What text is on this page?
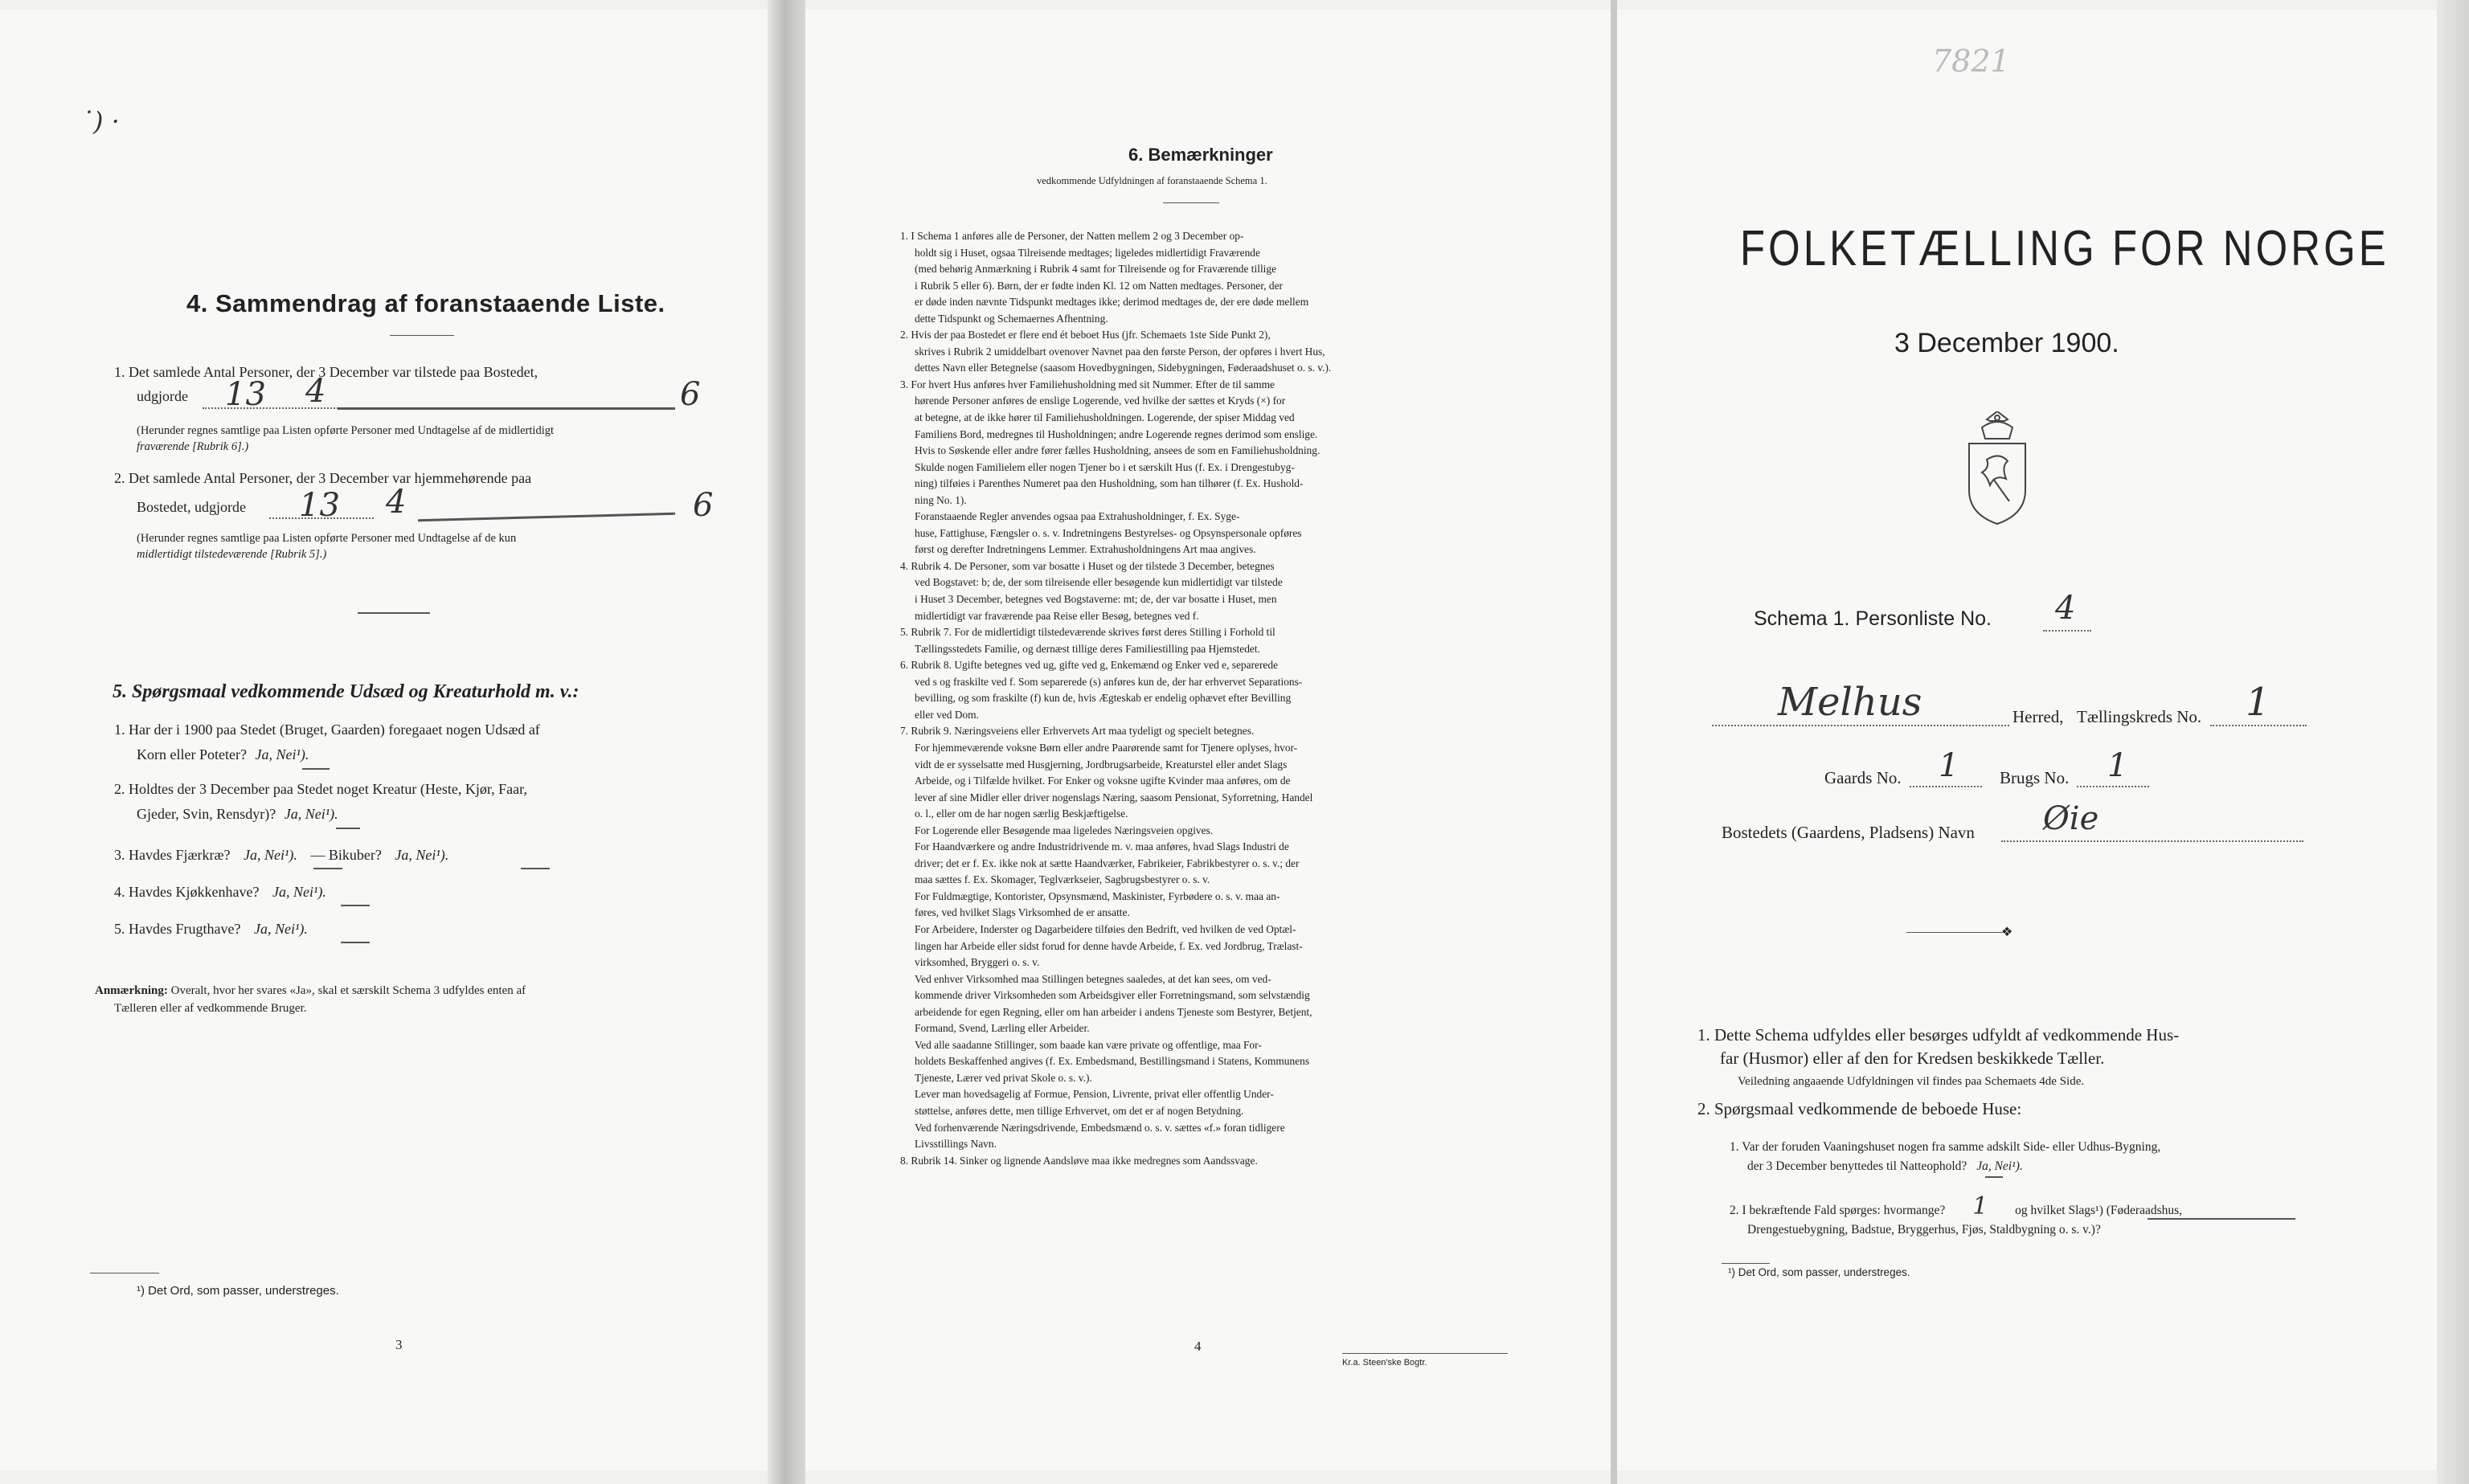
˙) ·
4. Sammendrag af foranstaaende Liste.
1. Det samlede Antal Personer, der 3 December var tilstede paa Bostedet,
udgjorde 13 4	6
(Herunder regnes samtlige paa Listen opførte Personer med Undtagelse af de midlertidigt
fraværende [Rubrik 6].)
2. Det samlede Antal Personer, der 3 December var hjemmehørende paa
Bostedet, udgjorde 13 4	6
(Herunder regnes samtlige paa Listen opførte Personer med Undtagelse af de kun
midlertidigt tilstedeværende [Rubrik 5].)
5. Spørgsmaal vedkommende Udsæd og Kreaturhold m. v.:
1. Har der i 1900 paa Stedet (Bruget, Gaarden) foregaaet nogen Udsæd af
Korn eller Poteter? Ja, Nei¹).
2. Holdtes der 3 December paa Stedet noget Kreatur (Heste, Kjør, Faar,
Gjeder, Svin, Rensdyr)? Ja, Nei¹).
3. Havdes Fjærkræ? Ja, Nei¹). — Bikuber? Ja, Nei¹).
4. Havdes Kjøkkenhave? Ja, Nei¹).
5. Havdes Frugthave? Ja, Nei¹).
Anmærkning: Overalt, hvor her svares «Ja», skal et særskilt Schema 3 udfyldes enten af
Tælleren eller af vedkommende Bruger.
¹) Det Ord, som passer, understreges.
3
6. Bemærkninger
vedkommende Udfyldningen af foranstaaende Schema 1.

1. I Schema 1 anføres alle de Personer, der Natten mellem 2 og 3 December op-

holdt sig i Huset, ogsaa Tilreisende medtages; ligeledes midlertidigt Fraværende

(med behørig Anmærkning i Rubrik 4 samt for Tilreisende og for Fraværende tillige

i Rubrik 5 eller 6). Børn, der er fødte inden Kl. 12 om Natten medtages. Personer, der

er døde inden nævnte Tidspunkt medtages ikke; derimod medtages de, der ere døde mellem

dette Tidspunkt og Schemaernes Afhentning.

2. Hvis der paa Bostedet er flere end ét beboet Hus (jfr. Schemaets 1ste Side Punkt 2),

skrives i Rubrik 2 umiddelbart ovenover Navnet paa den første Person, der opføres i hvert Hus,

dettes Navn eller Betegnelse (saasom Hovedbygningen, Sidebygningen, Føderaadshuset o. s. v.).

3. For hvert Hus anføres hver Familiehusholdning med sit Nummer. Efter de til samme

hørende Personer anføres de enslige Logerende, ved hvilke der sættes et Kryds (×) for

at betegne, at de ikke hører til Familiehusholdningen. Logerende, der spiser Middag ved

Familiens Bord, medregnes til Husholdningen; andre Logerende regnes derimod som enslige.

Hvis to Søskende eller andre fører fælles Husholdning, ansees de som en Familiehusholdning.

Skulde nogen Familielem eller nogen Tjener bo i et særskilt Hus (f. Ex. i Drengestubyg-

ning) tilføies i Parenthes Numeret paa den Husholdning, som han tilhører (f. Ex. Hushold-

ning No. 1).

Foranstaaende Regler anvendes ogsaa paa Extrahusholdninger, f. Ex. Syge-

huse, Fattighuse, Fængsler o. s. v. Indretningens Bestyrelses- og Opsynspersonale opføres

først og derefter Indretningens Lemmer. Extrahusholdningens Art maa angives.

4. Rubrik 4. De Personer, som var bosatte i Huset og der tilstede 3 December, betegnes

ved Bogstavet: b; de, der som tilreisende eller besøgende kun midlertidigt var tilstede

i Huset 3 December, betegnes ved Bogstaverne: mt; de, der var bosatte i Huset, men

midlertidigt var fraværende paa Reise eller Besøg, betegnes ved f.

5. Rubrik 7. For de midlertidigt tilstedeværende skrives først deres Stilling i Forhold til

Tællingsstedets Familie, og dernæst tillige deres Familiestilling paa Hjemstedet.

6. Rubrik 8. Ugifte betegnes ved ug, gifte ved g, Enkemænd og Enker ved e, separerede

ved s og fraskilte ved f. Som separerede (s) anføres kun de, der har erhvervet Separations-

bevilling, og som fraskilte (f) kun de, hvis Ægteskab er endelig ophævet efter Bevilling

eller ved Dom.

7. Rubrik 9. Næringsveiens eller Erhvervets Art maa tydeligt og specielt betegnes.

For hjemmeværende voksne Børn eller andre Paarørende samt for Tjenere oplyses, hvor-

vidt de er sysselsatte med Husgjerning, Jordbrugsarbeide, Kreaturstel eller andet Slags

Arbeide, og i Tilfælde hvilket. For Enker og voksne ugifte Kvinder maa anføres, om de

lever af sine Midler eller driver nogenslags Næring, saasom Pensionat, Syforretning, Handel

o. l., eller om de har nogen særlig Beskjæftigelse.

For Logerende eller Besøgende maa ligeledes Næringsveien opgives.

For Haandværkere og andre Industridrivende m. v. maa anføres, hvad Slags Industri de

driver; det er f. Ex. ikke nok at sætte Haandværker, Fabrikeier, Fabrikbestyrer o. s. v.; der

maa sættes f. Ex. Skomager, Teglværkseier, Sagbrugsbestyrer o. s. v.

For Fuldmægtige, Kontorister, Opsynsmænd, Maskinister, Fyrbødere o. s. v. maa an-

føres, ved hvilket Slags Virksomhed de er ansatte.

For Arbeidere, Inderster og Dagarbeidere tilføies den Bedrift, ved hvilken de ved Optæl-

lingen har Arbeide eller sidst forud for denne havde Arbeide, f. Ex. ved Jordbrug, Trælast-

virksomhed, Bryggeri o. s. v.

Ved enhver Virksomhed maa Stillingen betegnes saaledes, at det kan sees, om ved-

kommende driver Virksomheden som Arbeidsgiver eller Forretningsmand, som selvstændig

arbeidende for egen Regning, eller om han arbeider i andens Tjeneste som Bestyrer, Betjent,

Formand, Svend, Lærling eller Arbeider.

Ved alle saadanne Stillinger, som baade kan være private og offentlige, maa For-

holdets Beskaffenhed angives (f. Ex. Embedsmand, Bestillingsmand i Statens, Kommunens

Tjeneste, Lærer ved privat Skole o. s. v.).

Lever man hovedsagelig af Formue, Pension, Livrente, privat eller offentlig Under-

støttelse, anføres dette, men tillige Erhvervet, om det er af nogen Betydning.

Ved forhenværende Næringsdrivende, Embedsmænd o. s. v. sættes «f.» foran tidligere

Livsstillings Navn.

8. Rubrik 14. Sinker og lignende Aandsløve maa ikke medregnes som Aandssvage.

4
Kr.a. Steen'ske Bogtr.
7821
FOLKETÆLLING FOR NORGE
3 December 1900.
Schema 1. Personliste No. 4
Melhus	Herred, Tællingskreds No. 1
Gaards No. 1 Brugs No. 1
Bostedets (Gaardens, Pladsens) Navn Øie
❖
1. Dette Schema udfyldes eller besørges udfyldt af vedkommende Hus-
far (Husmor) eller af den for Kredsen beskikkede Tæller.
Veiledning angaaende Udfyldningen vil findes paa Schemaets 4de Side.
2. Spørgsmaal vedkommende de beboede Huse:
1. Var der foruden Vaaningshuset nogen fra samme adskilt Side- eller Udhus-Bygning,
der 3 December benyttedes til Natteophold? Ja, Nei¹).
2. I bekræftende Fald spørges: hvormange? 1 og hvilket Slags¹) (Føderaadshus,
Drengestuebygning, Badstue, Bryggerhus, Fjøs, Staldbygning o. s. v.)?
¹) Det Ord, som passer, understreges.
